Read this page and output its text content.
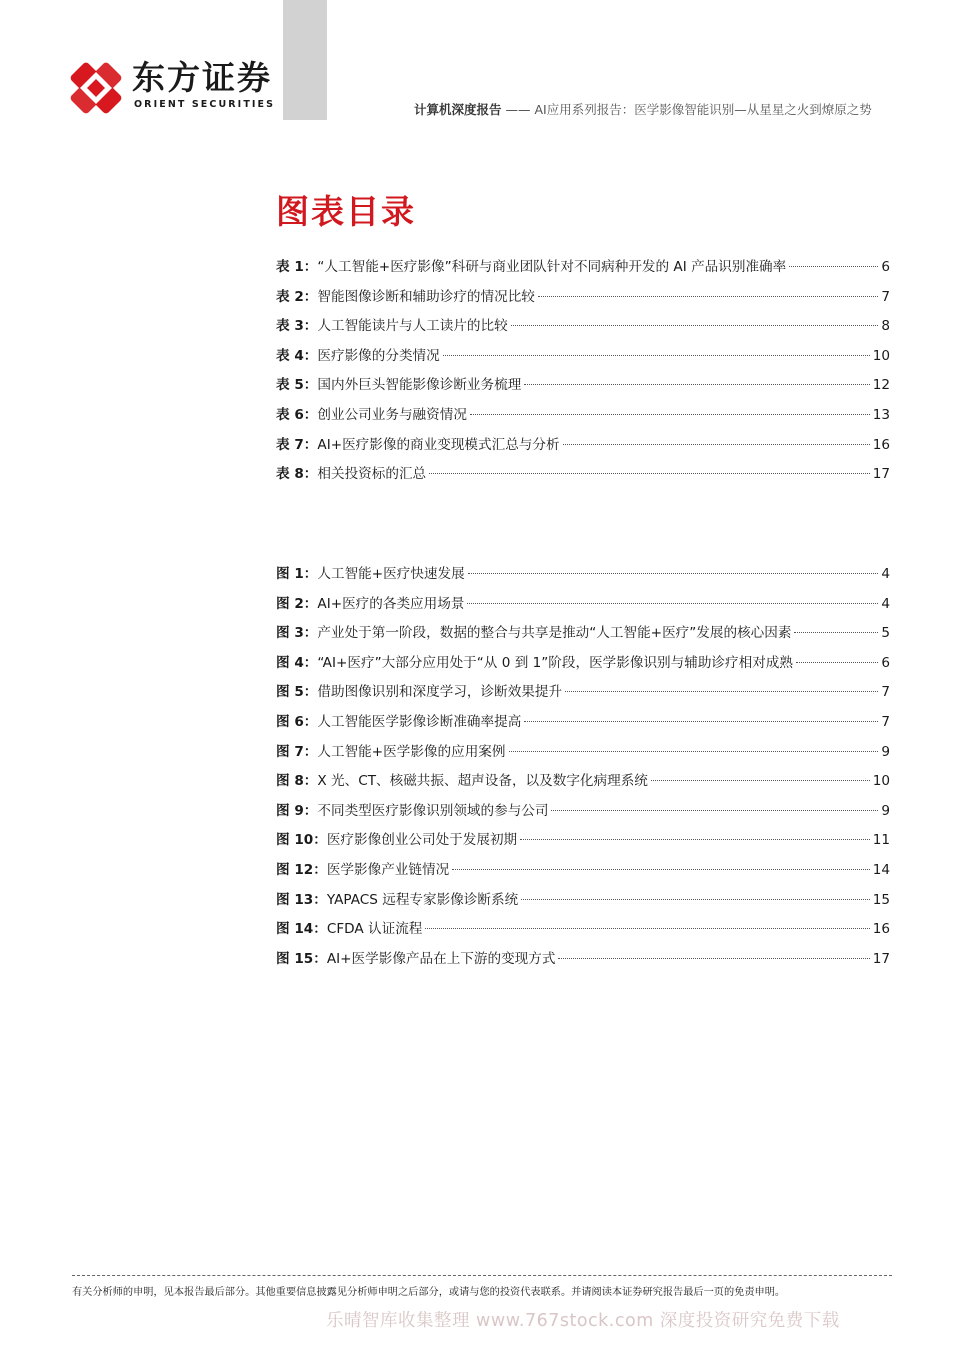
东方证券
ORIENT SECURITIES	计算机深度报告 —— AI应用系列报告：医学影像智能识别—从星星之火到燎原之势
图表目录
表 1： “人工智能+医疗影像”科研与商业团队针对不同病种开发的 AI 产品识别准确率	6
表 2： 智能图像诊断和辅助诊疗的情况比较	7
表 3： 人工智能读片与人工读片的比较	8
表 4： 医疗影像的分类情况	10
表 5： 国内外巨头智能影像诊断业务梳理	12
表 6： 创业公司业务与融资情况	13
表 7： AI+医疗影像的商业变现模式汇总与分析	16
表 8： 相关投资标的汇总	17
图 1： 人工智能+医疗快速发展	4
图 2： AI+医疗的各类应用场景	4
图 3： 产业处于第一阶段，数据的整合与共享是推动“人工智能+医疗”发展的核心因素	5
图 4： “AI+医疗”大部分应用处于“从 0 到 1”阶段，医学影像识别与辅助诊疗相对成熟	6
图 5： 借助图像识别和深度学习，诊断效果提升	7
图 6： 人工智能医学影像诊断准确率提高	7
图 7： 人工智能+医学影像的应用案例	9
图 8： X 光、CT、核磁共振、超声设备，以及数字化病理系统	10
图 9： 不同类型医疗影像识别领域的参与公司	9
图 10： 医疗影像创业公司处于发展初期	11
图 12： 医学影像产业链情况	14
图 13： YAPACS 远程专家影像诊断系统	15
图 14： CFDA 认证流程	16
图 15： AI+医学影像产品在上下游的变现方式	17
有关分析师的申明，见本报告最后部分。其他重要信息披露见分析师申明之后部分，或请与您的投资代表联系。并请阅读本证券研究报告最后一页的免责申明。
乐晴智库收集整理 www.767stock.com 深度投资研究免费下载
